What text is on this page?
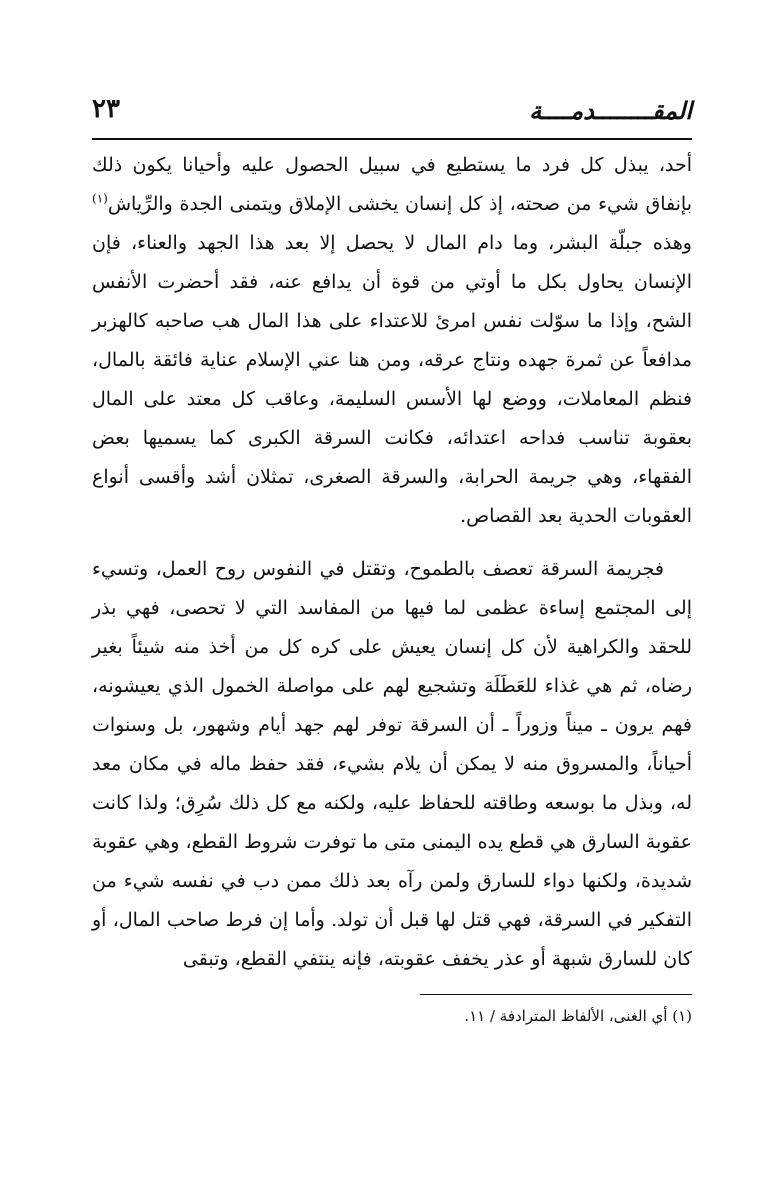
المقــــــــدمــــة
٢٣

أحد، يبذل كل فرد ما يستطيع في سبيل الحصول عليه وأحيانا يكون ذلك بإنفاق شيء من صحته، إذ كل إنسان يخشى الإملاق ويتمنى الجدة والرِّياش$^{(١)}$ وهذه جبلّة البشر، وما دام المال لا يحصل إلا بعد هذا الجهد والعناء، فإن الإنسان يحاول بكل ما أوتي من قوة أن يدافع عنه، فقد أحضرت الأنفس الشح، وإذا ما سوّلت نفس امرئ للاعتداء على هذا المال هب صاحبه كالهزبر مدافعاً عن ثمرة جهده ونتاج عرقه، ومن هنا عني الإسلام عناية فائقة بالمال، فنظم المعاملات، ووضع لها الأسس السليمة، وعاقب كل معتد على المال بعقوبة تناسب فداحه اعتدائه، فكانت السرقة الكبرى كما يسميها بعض الفقهاء، وهي جريمة الحرابة، والسرقة الصغرى، تمثلان أشد وأقسى أنواع العقوبات الحدية بعد القصاص.

فجريمة السرقة تعصف بالطموح، وتقتل في النفوس روح العمل، وتسيء إلى المجتمع إساءة عظمى لما فيها من المفاسد التي لا تحصى، فهي بذر للحقد والكراهية لأن كل إنسان يعيش على كره كل من أخذ منه شيئاً بغير رضاه، ثم هي غذاء للعَطَلَة وتشجيع لهم على مواصلة الخمول الذي يعيشونه، فهم يرون ـ ميناً وزوراً ـ أن السرقة توفر لهم جهد أيام وشهور، بل وسنوات أحياناً، والمسروق منه لا يمكن أن يلام بشيء، فقد حفظ ماله في مكان معد له، وبذل ما بوسعه وطاقته للحفاظ عليه، ولكنه مع كل ذلك سُرِق؛ ولذا كانت عقوبة السارق هي قطع يده اليمنى متى ما توفرت شروط القطع، وهي عقوبة شديدة، ولكنها دواء للسارق ولمن رآه بعد ذلك ممن دب في نفسه شيء من التفكير في السرقة، فهي قتل لها قبل أن تولد. وأما إن فرط صاحب المال، أو كان للسارق شبهة أو عذر يخفف عقوبته، فإنه ينتفي القطع، وتبقى

(١) أي الغنى، الألفاظ المترادفة / ١١.
